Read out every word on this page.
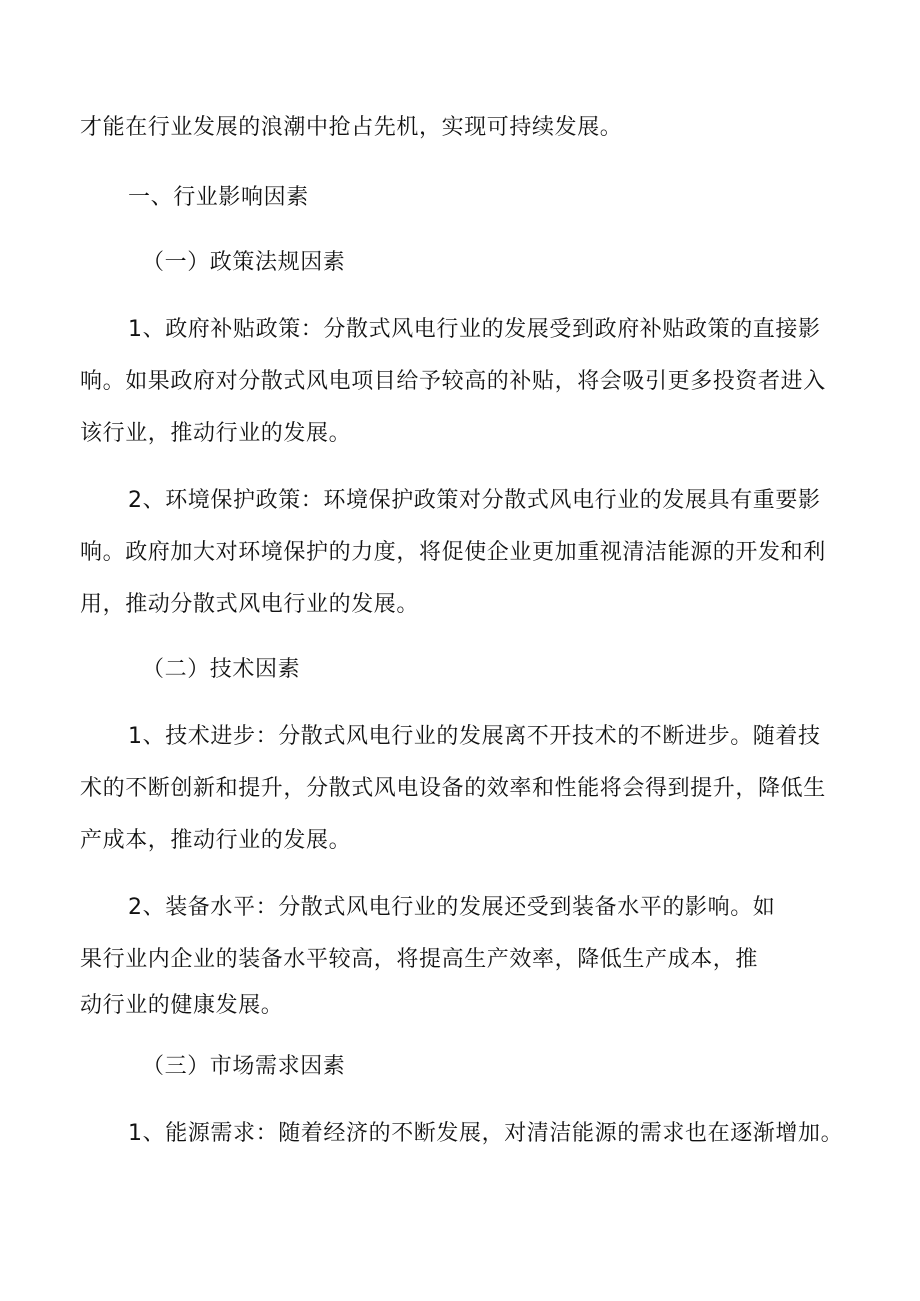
才能在行业发展的浪潮中抢占先机，实现可持续发展。
一、行业影响因素
（一）政策法规因素
1、政府补贴政策：分散式风电行业的发展受到政府补贴政策的直接影
响。如果政府对分散式风电项目给予较高的补贴，将会吸引更多投资者进入
该行业，推动行业的发展。
2、环境保护政策：环境保护政策对分散式风电行业的发展具有重要影
响。政府加大对环境保护的力度，将促使企业更加重视清洁能源的开发和利
用，推动分散式风电行业的发展。
（二）技术因素
1、技术进步：分散式风电行业的发展离不开技术的不断进步。随着技
术的不断创新和提升，分散式风电设备的效率和性能将会得到提升，降低生
产成本，推动行业的发展。
2、装备水平：分散式风电行业的发展还受到装备水平的影响。如
果行业内企业的装备水平较高，将提高生产效率，降低生产成本，推
动行业的健康发展。
（三）市场需求因素
1、能源需求：随着经济的不断发展，对清洁能源的需求也在逐渐增加。
